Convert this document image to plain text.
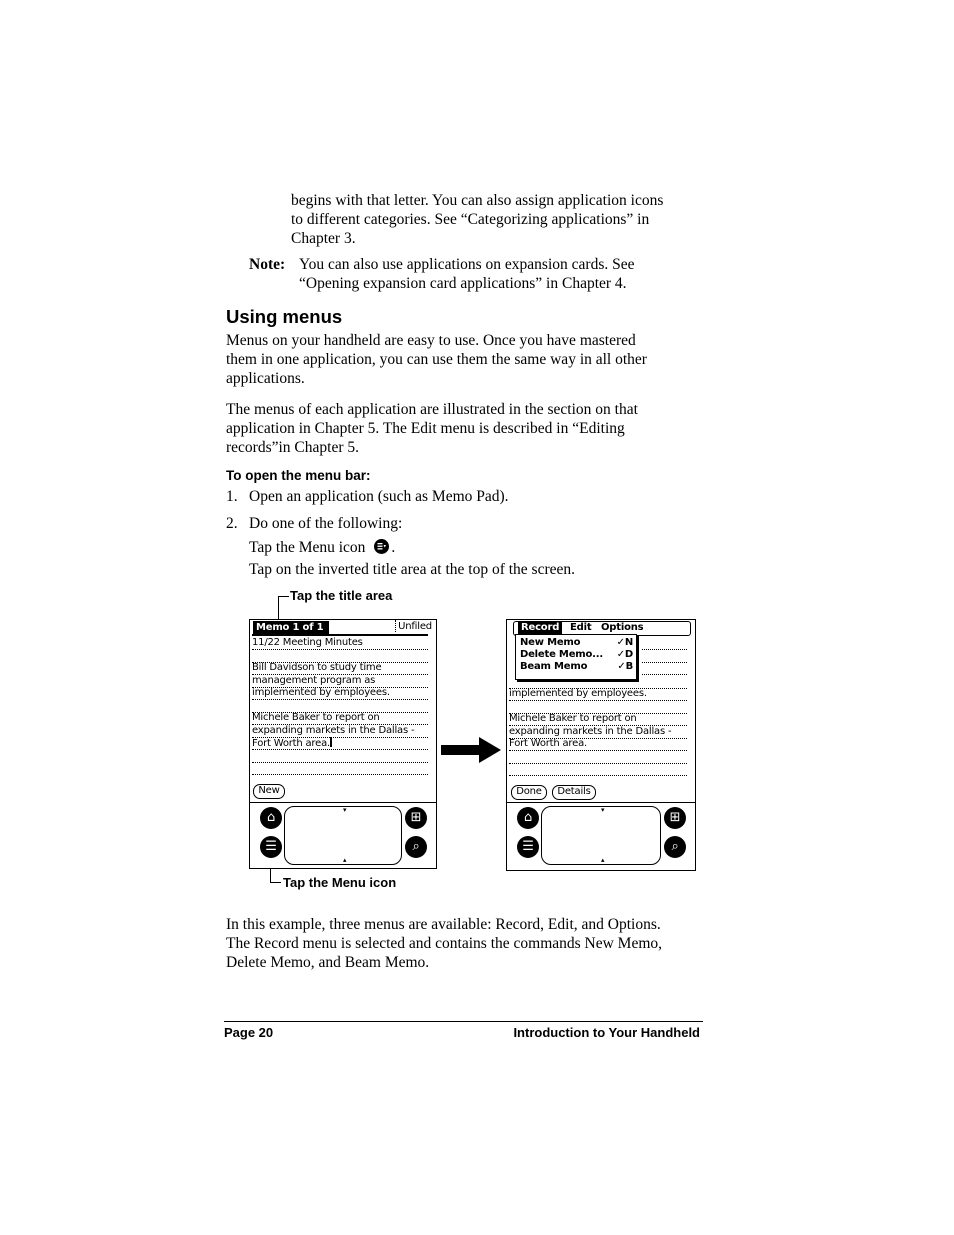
begins with that letter. You can also assign application icons
to different categories. See “Categorizing applications” in
Chapter 3.
Note: You can also use applications on expansion cards. See
“Opening expansion card applications” in Chapter 4.
Using menus
Menus on your handheld are easy to use. Once you have mastered
them in one application, you can use them the same way in all other
applications.
The menus of each application are illustrated in the section on that
application in Chapter 5. The Edit menu is described in “Editing
records”in Chapter 5.
To open the menu bar:
1. Open an application (such as Memo Pad).
2. Do one of the following:
Tap the Menu icon .
Tap on the inverted title area at the top of the screen.
Tap the title area
Tap the Menu icon
Memo 1 of 1	Unfiled
11/22 Meeting Minutes
Bill Davidson to study time
management program as
implemented by employees.
Michele Baker to report on
expanding markets in the Dallas -
Fort Worth area.
New
⌂
☰
⊞
⌕
▾
▴
Record	Edit Options
New Memo	✓N
Delete Memo... ✓D
Beam Memo	✓B
implemented by employees.
Michele Baker to report on
expanding markets in the Dallas -
Fort Worth area.
Done	Details
⌂
☰
⊞
⌕
▾
▴
In this example, three menus are available: Record, Edit, and Options.
The Record menu is selected and contains the commands New Memo,
Delete Memo, and Beam Memo.
Page 20	Introduction to Your Handheld
